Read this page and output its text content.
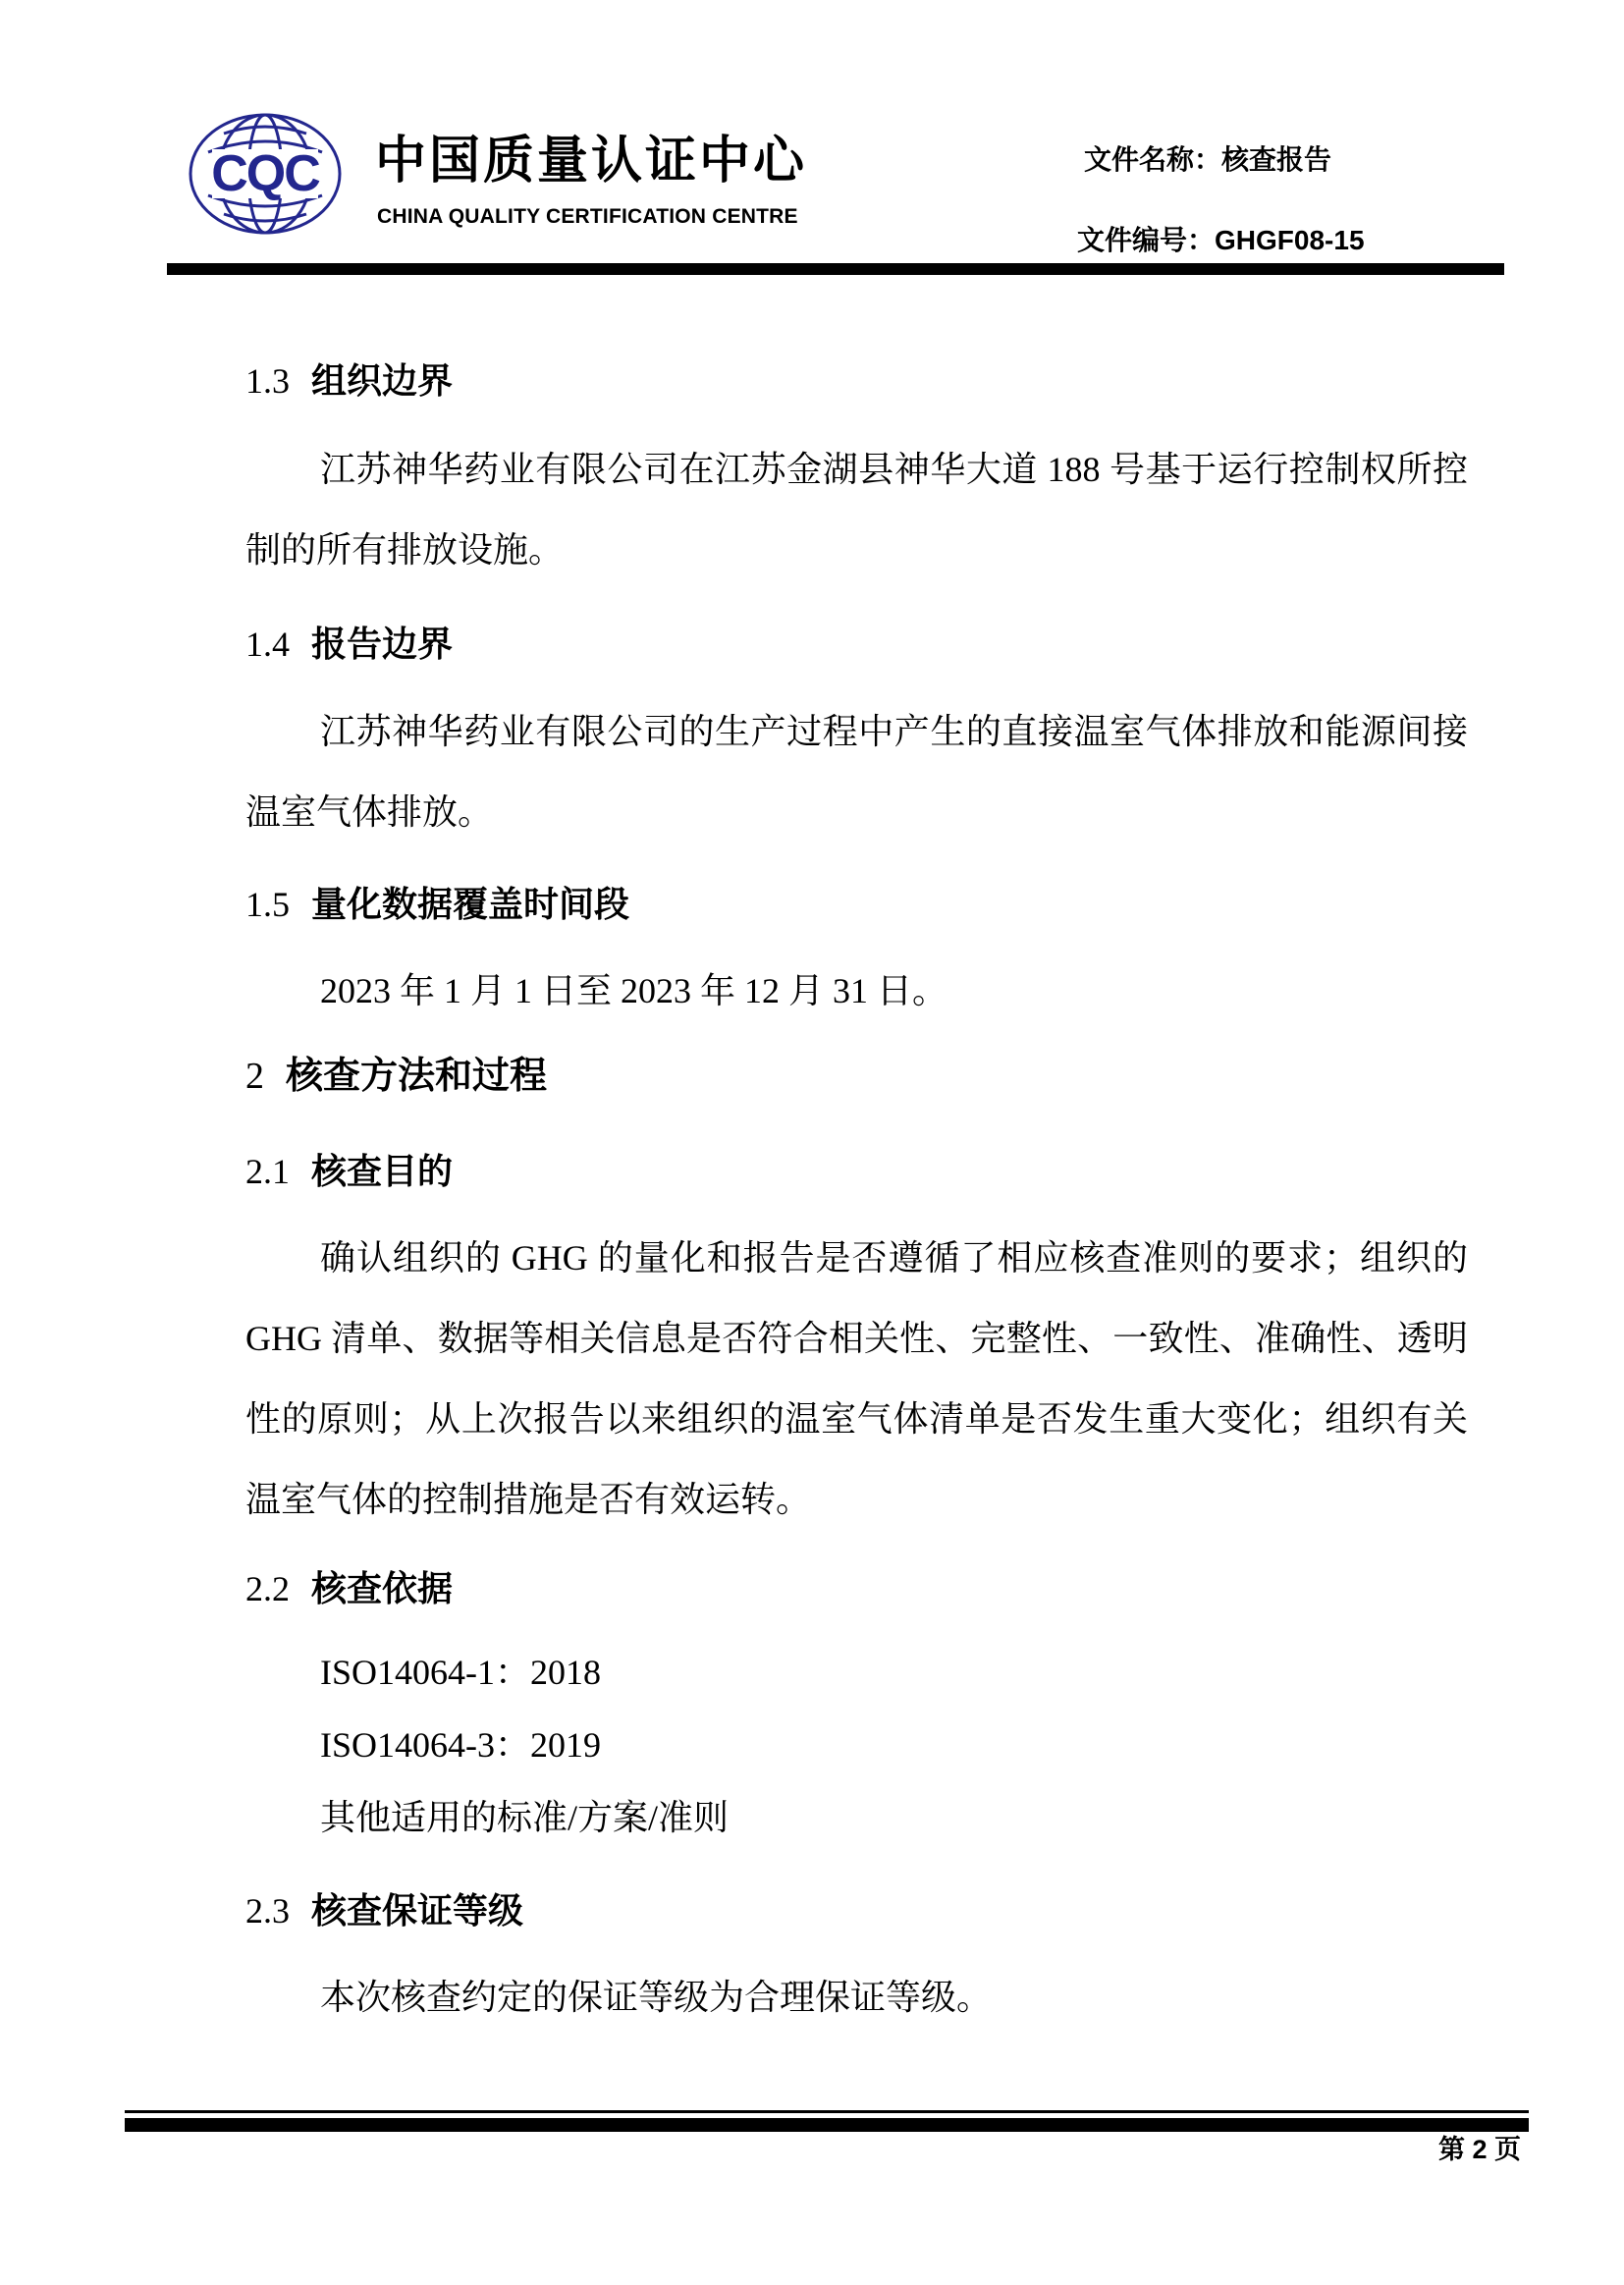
CQC 中国质量认证中心
CHINA QUALITY CERTIFICATION CENTRE
文件名称：核查报告
文件编号：GHGF08-15
1.3 组织边界
江苏神华药业有限公司在江苏金湖县神华大道 188 号基于运行控制权所控制的所有排放设施。
1.4 报告边界
江苏神华药业有限公司的生产过程中产生的直接温室气体排放和能源间接温室气体排放。
1.5 量化数据覆盖时间段
2023 年 1 月 1 日至 2023 年 12 月 31 日。
2 核查方法和过程
2.1 核查目的
确认组织的 GHG 的量化和报告是否遵循了相应核查准则的要求；组织的 GHG 清单、数据等相关信息是否符合相关性、完整性、一致性、准确性、透明性的原则；从上次报告以来组织的温室气体清单是否发生重大变化；组织有关温室气体的控制措施是否有效运转。
2.2 核查依据
ISO14064-1：2018
ISO14064-3：2019
其他适用的标准/方案/准则
2.3 核查保证等级
本次核查约定的保证等级为合理保证等级。
第 2 页
